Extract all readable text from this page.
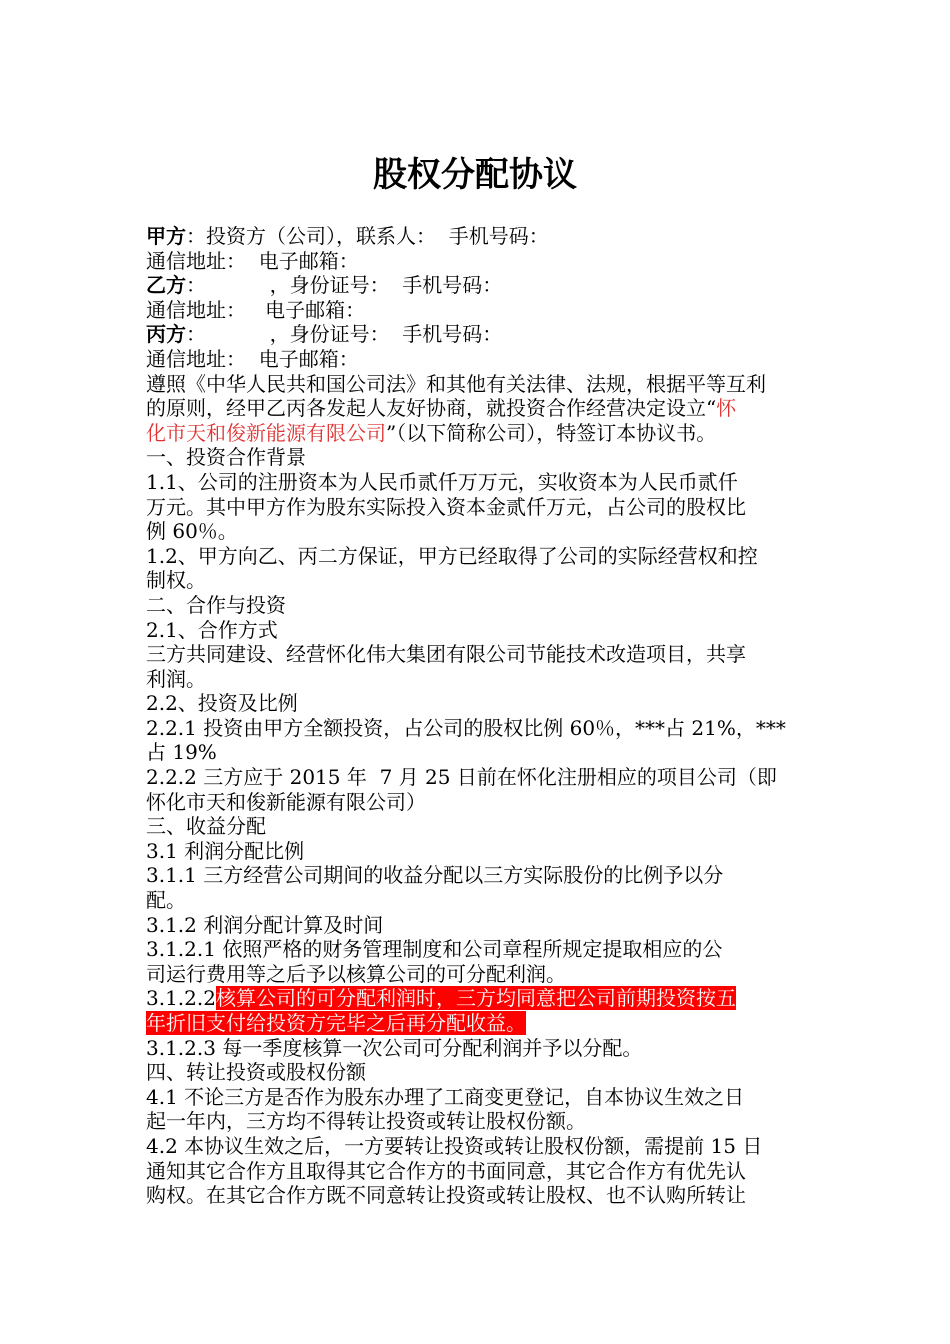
股权分配协议
甲方：投资方（公司），联系人：  手机号码：
通信地址：  电子邮箱：
乙方：          ，身份证号：  手机号码：
通信地址：   电子邮箱：
丙方：          ，身份证号：  手机号码：
通信地址：  电子邮箱：
遵照《中华人民共和国公司法》和其他有关法律、法规，根据平等互利
的原则，经甲乙丙各发起人友好协商，就投资合作经营决定设立“怀
化市天和俊新能源有限公司”（以下简称公司），特签订本协议书。
一、投资合作背景
1.1、公司的注册资本为人民币贰仟万万元，实收资本为人民币贰仟
万元。其中甲方作为股东实际投入资本金贰仟万元，占公司的股权比
例 60％。
1.2、甲方向乙、丙二方保证，甲方已经取得了公司的实际经营权和控
制权。
二、合作与投资
2.1、合作方式
三方共同建设、经营怀化伟大集团有限公司节能技术改造项目，共享
利润。
2.2、投资及比例
2.2.1 投资由甲方全额投资，占公司的股权比例 60％，***占 21%，***
占 19%
2.2.2 三方应于 2015 年  7 月 25 日前在怀化注册相应的项目公司（即
怀化市天和俊新能源有限公司）
三、收益分配
3.1 利润分配比例
3.1.1 三方经营公司期间的收益分配以三方实际股份的比例予以分
配。
3.1.2 利润分配计算及时间
3.1.2.1 依照严格的财务管理制度和公司章程所规定提取相应的公
司运行费用等之后予以核算公司的可分配利润。
3.1.2.2核算公司的可分配利润时，三方均同意把公司前期投资按五
年折旧支付给投资方完毕之后再分配收益。
3.1.2.3 每一季度核算一次公司可分配利润并予以分配。
四、转让投资或股权份额
4.1 不论三方是否作为股东办理了工商变更登记，自本协议生效之日
起一年内，三方均不得转让投资或转让股权份额。
4.2 本协议生效之后，一方要转让投资或转让股权份额，需提前 15 日
通知其它合作方且取得其它合作方的书面同意，其它合作方有优先认
购权。在其它合作方既不同意转让投资或转让股权、也不认购所转让
